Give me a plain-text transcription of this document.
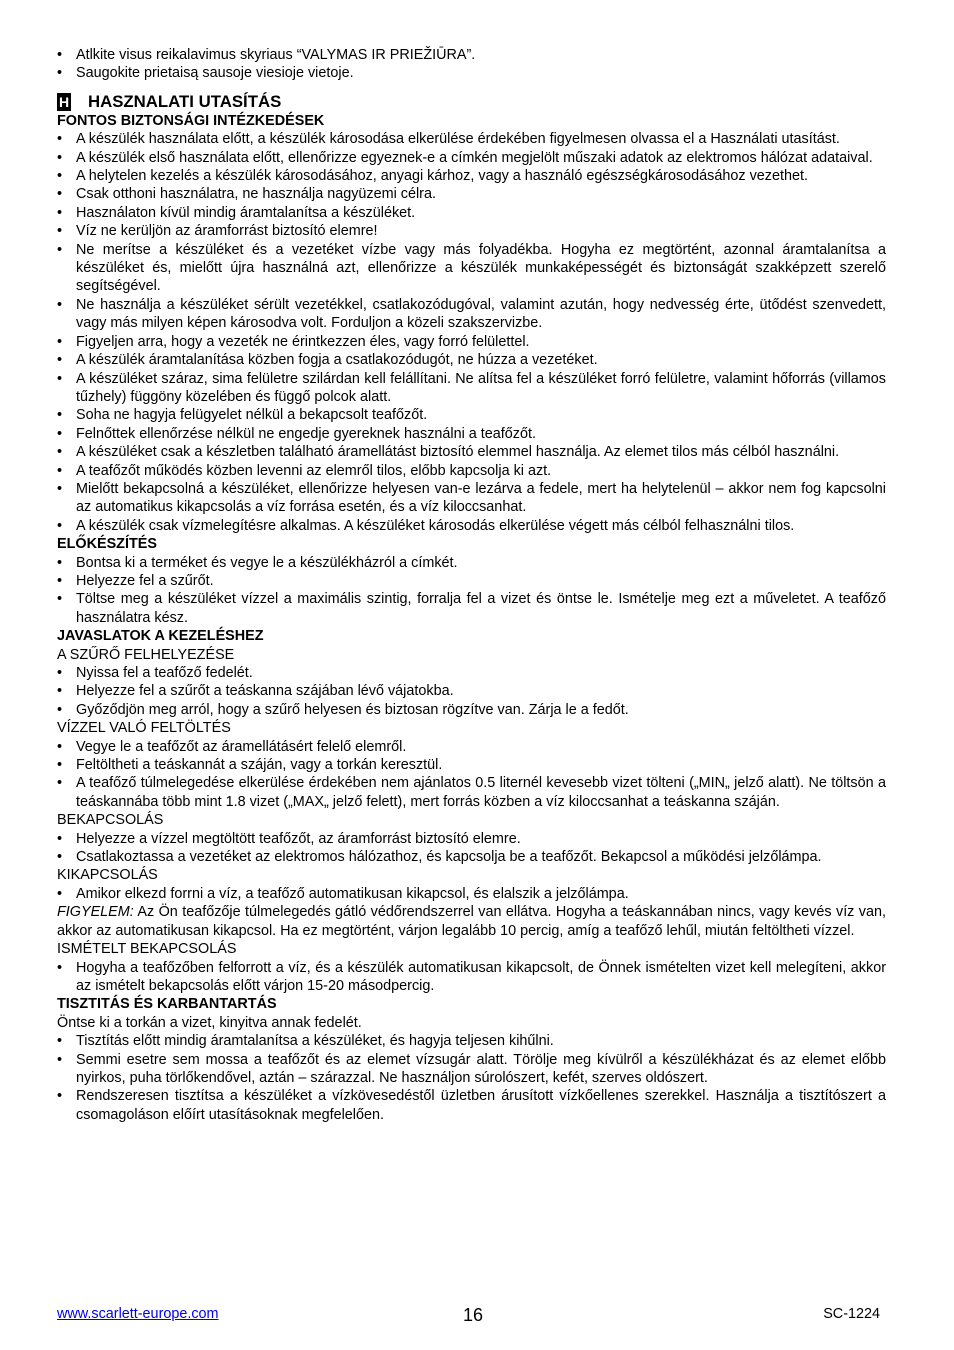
• Atlkite visus reikalavimus skyriaus “VALYMAS IR PRIEŽIŪRA”.
• Saugokite prietaisą sausoje viesioje vietoje.
H HASZNALATI UTASÍTÁS

FONTOS BIZTONSÁGI INTÉZKEDÉSEK

• A készülék használata előtt, a készülék károsodása elkerülése érdekében figyelmesen olvassa el a Használati utasítást.
• A készülék első használata előtt, ellenőrizze egyeznek-e a címkén megjelölt műszaki adatok az elektromos hálózat adataival.
• A helytelen kezelés a készülék károsodásához, anyagi kárhoz, vagy a használó egészségkárosodásához vezethet.
• Csak otthoni használatra, ne használja nagyüzemi célra.
• Használaton kívül mindig áramtalanítsa a készüléket.
• Víz ne kerüljön az áramforrást biztosító elemre!
• Ne merítse a készüléket és a vezetéket vízbe vagy más folyadékba. Hogyha ez megtörtént, azonnal áramtalanítsa a készüléket és, mielőtt újra használná azt, ellenőrizze a készülék munkaképességét és biztonságát szakképzett szerelő segítségével.
• Ne használja a készüléket sérült vezetékkel, csatlakozódugóval, valamint azután, hogy nedvesség érte, ütődést szenvedett, vagy más milyen képen károsodva volt. Forduljon a közeli szakszervizbe.
• Figyeljen arra, hogy a vezeték ne érintkezzen éles, vagy forró felülettel.
• A készülék áramtalanítása közben fogja a csatlakozódugót, ne húzza a vezetéket.
• A készüléket száraz, sima felületre szilárdan kell felállítani. Ne alítsa fel a készüléket forró felületre, valamint hőforrás (villamos tűzhely) függöny közelében és függő polcok alatt.
• Soha ne hagyja felügyelet nélkül a bekapcsolt teafőzőt.
• Felnőttek ellenőrzése nélkül ne engedje gyereknek használni a teafőzőt.
• A készüléket csak a készletben található áramellátást biztosító elemmel használja. Az elemet tilos más célból használni.
• A teafőzőt működés közben levenni az elemről tilos, előbb kapcsolja ki azt.
• Mielőtt bekapcsolná a készüléket, ellenőrizze helyesen van-e lezárva a fedele, mert ha helytelenül – akkor nem fog kapcsolni az automatikus kikapcsolás a víz forrása esetén, és a víz kiloccsanhat.
• A készülék csak vízmelegítésre alkalmas. A készüléket károsodás elkerülése végett más célból felhasználni tilos.

ELŐKÉSZÍTÉS

• Bontsa ki a terméket és vegye le a készülékházról a címkét.
• Helyezze fel a szűrőt.
• Töltse meg a készüléket vízzel a maximális szintig, forralja fel a vizet és öntse le. Ismételje meg ezt a műveletet. A teafőző használatra kész.

JAVASLATOK A KEZELÉSHEZ

A SZŰRŐ FELHELYEZÉSE

• Nyissa fel a teafőző fedelét.
• Helyezze fel a szűrőt a teáskanna szájában lévő vájatokba.
• Győződjön meg arról, hogy a szűrő helyesen és biztosan rögzítve van. Zárja le a fedőt.

VÍZZEL VALÓ FELTÖLTÉS

• Vegye le a teafőzőt az áramellátásért felelő elemről.
• Feltöltheti a teáskannát a száján, vagy a torkán keresztül.
• A teafőző túlmelegedése elkerülése érdekében nem ajánlatos 0.5 liternél kevesebb vizet tölteni („MIN„ jelző alatt). Ne töltsön a teáskannába több mint 1.8 vizet („MAX„ jelző felett), mert forrás közben a víz kiloccsanhat a teáskanna száján.

BEKAPCSOLÁS

• Helyezze a vízzel megtöltött teafőzőt, az áramforrást biztosító elemre.
• Csatlakoztassa a vezetéket az elektromos hálózathoz, és kapcsolja be a teafőzőt. Bekapcsol a működési jelzőlámpa.

KIKAPCSOLÁS

• Amikor elkezd forrni a víz, a teafőző automatikusan kikapcsol, és elalszik a jelzőlámpa.

FIGYELEM: Az Ön teafőzője túlmelegedés gátló védőrendszerrel van ellátva. Hogyha a teáskannában nincs, vagy kevés víz van, akkor az automatikusan kikapcsol. Ha ez megtörtént, várjon legalább 10 percig, amíg a teafőző lehűl, miután feltöltheti vízzel.

ISMÉTELT BEKAPCSOLÁS

• Hogyha a teafőzőben felforrott a víz, és a készülék automatikusan kikapcsolt, de Önnek ismételten vizet kell melegíteni, akkor az ismételt bekapcsolás előtt várjon 15-20 másodpercig.

TISZTITÁS ÉS KARBANTARTÁS

Öntse ki a torkán a vizet, kinyitva annak fedelét.

• Tisztítás előtt mindig áramtalanítsa a készüléket, és hagyja teljesen kihűlni.
• Semmi esetre sem mossa a teafőzőt és az elemet vízsugár alatt. Törölje meg kívülről a készülékházat és az elemet előbb nyirkos, puha törlőkendővel, aztán – szárazzal. Ne használjon súrolószert, kefét, szerves oldószert.
• Rendszeresen tisztítsa a készüléket a vízkövesedéstől üzletben árusított vízkőellenes szerekkel. Használja a tisztítószert a csomagoláson előírt utasításoknak megfelelően.
www.scarlett-europe.com	16	SC-1224
